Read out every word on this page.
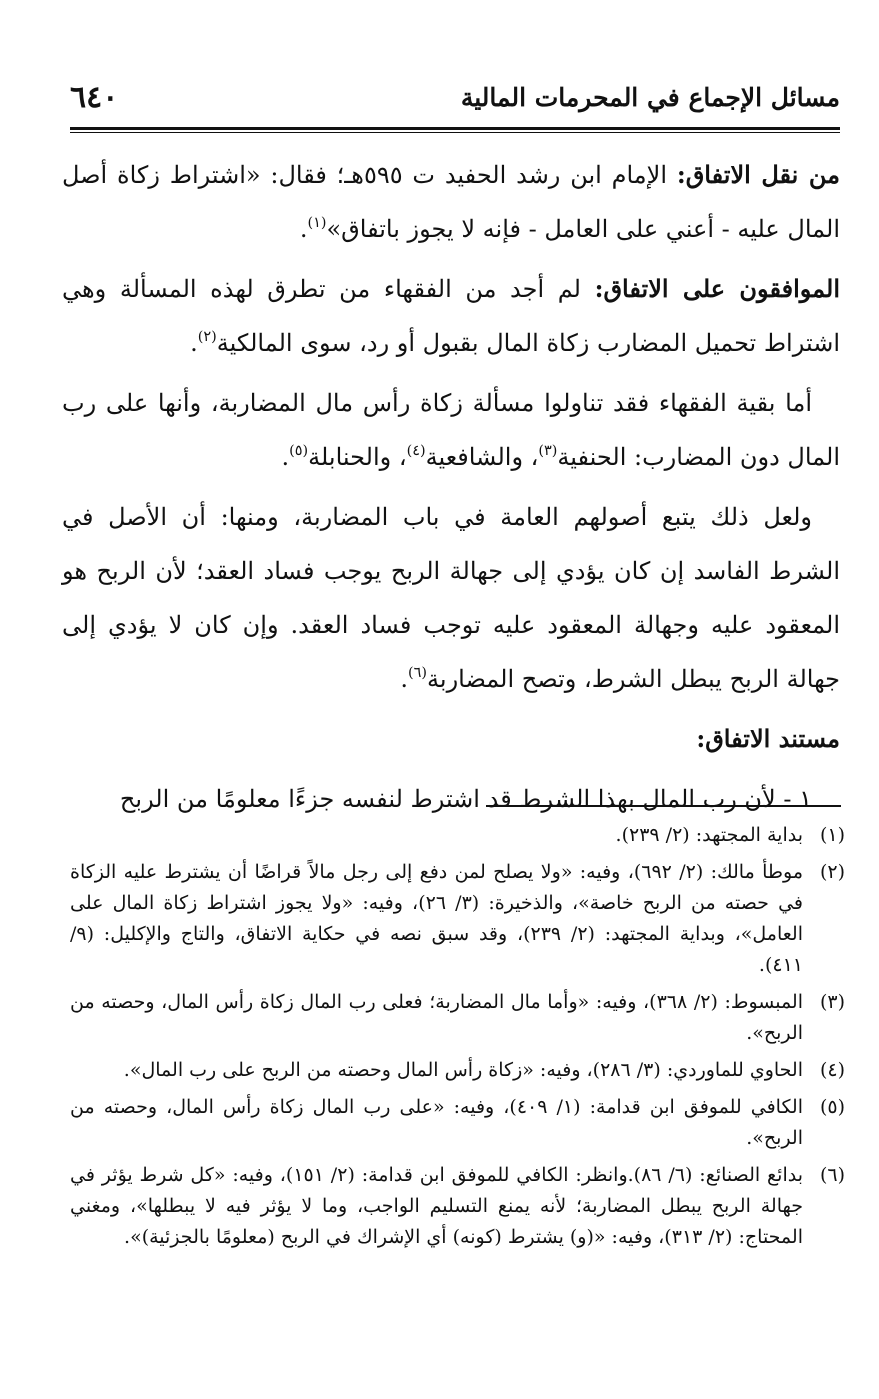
مسائل الإجماع في المحرمات المالية
٦٤٠

من نقل الاتفاق: الإمام ابن رشد الحفيد ت ٥٩٥هـ؛ فقال: «اشتراط زكاة أصل المال عليه - أعني على العامل - فإنه لا يجوز باتفاق»$^{(١)}$.

الموافقون على الاتفاق: لم أجد من الفقهاء من تطرق لهذه المسألة وهي اشتراط تحميل المضارب زكاة المال بقبول أو رد، سوى المالكية$^{(٢)}$.

أما بقية الفقهاء فقد تناولوا مسألة زكاة رأس مال المضاربة، وأنها على رب المال دون المضارب: الحنفية$^{(٣)}$، والشافعية$^{(٤)}$، والحنابلة$^{(٥)}$.

ولعل ذلك يتبع أصولهم العامة في باب المضاربة، ومنها: أن الأصل في الشرط الفاسد إن كان يؤدي إلى جهالة الربح يوجب فساد العقد؛ لأن الربح هو المعقود عليه وجهالة المعقود عليه توجب فساد العقد. وإن كان لا يؤدي إلى جهالة الربح يبطل الشرط، وتصح المضاربة$^{(٦)}$.

مستند الاتفاق:

١ - لأن رب المال بهذا الشرط قد اشترط لنفسه جزءًا معلومًا من الربح

(١)
بداية المجتهد: (٢/ ٢٣٩).
(٢)
موطأ مالك: (٢/ ٦٩٢)، وفيه: «ولا يصلح لمن دفع إلى رجل مالاً قراضًا أن يشترط عليه الزكاة في حصته من الربح خاصة»، والذخيرة: (٣/ ٢٦)، وفيه: «ولا يجوز اشتراط زكاة المال على العامل»، وبداية المجتهد: (٢/ ٢٣٩)، وقد سبق نصه في حكاية الاتفاق، والتاج والإكليل: (٩/ ٤١١).
(٣)
المبسوط: (٢/ ٣٦٨)، وفيه: «وأما مال المضاربة؛ فعلى رب المال زكاة رأس المال، وحصته من الربح».
(٤)
الحاوي للماوردي: (٣/ ٢٨٦)، وفيه: «زكاة رأس المال وحصته من الربح على رب المال».
(٥)
الكافي للموفق ابن قدامة: (١/ ٤٠٩)، وفيه: «على رب المال زكاة رأس المال، وحصته من الربح».
(٦)
بدائع الصنائع: (٦/ ٨٦).وانظر: الكافي للموفق ابن قدامة: (٢/ ١٥١)، وفيه: «كل شرط يؤثر في جهالة الربح يبطل المضاربة؛ لأنه يمنع التسليم الواجب، وما لا يؤثر فيه لا يبطلها»، ومغني المحتاج: (٢/ ٣١٣)، وفيه: «(و) يشترط (كونه) أي الإشراك في الربح (معلومًا بالجزئية)».
